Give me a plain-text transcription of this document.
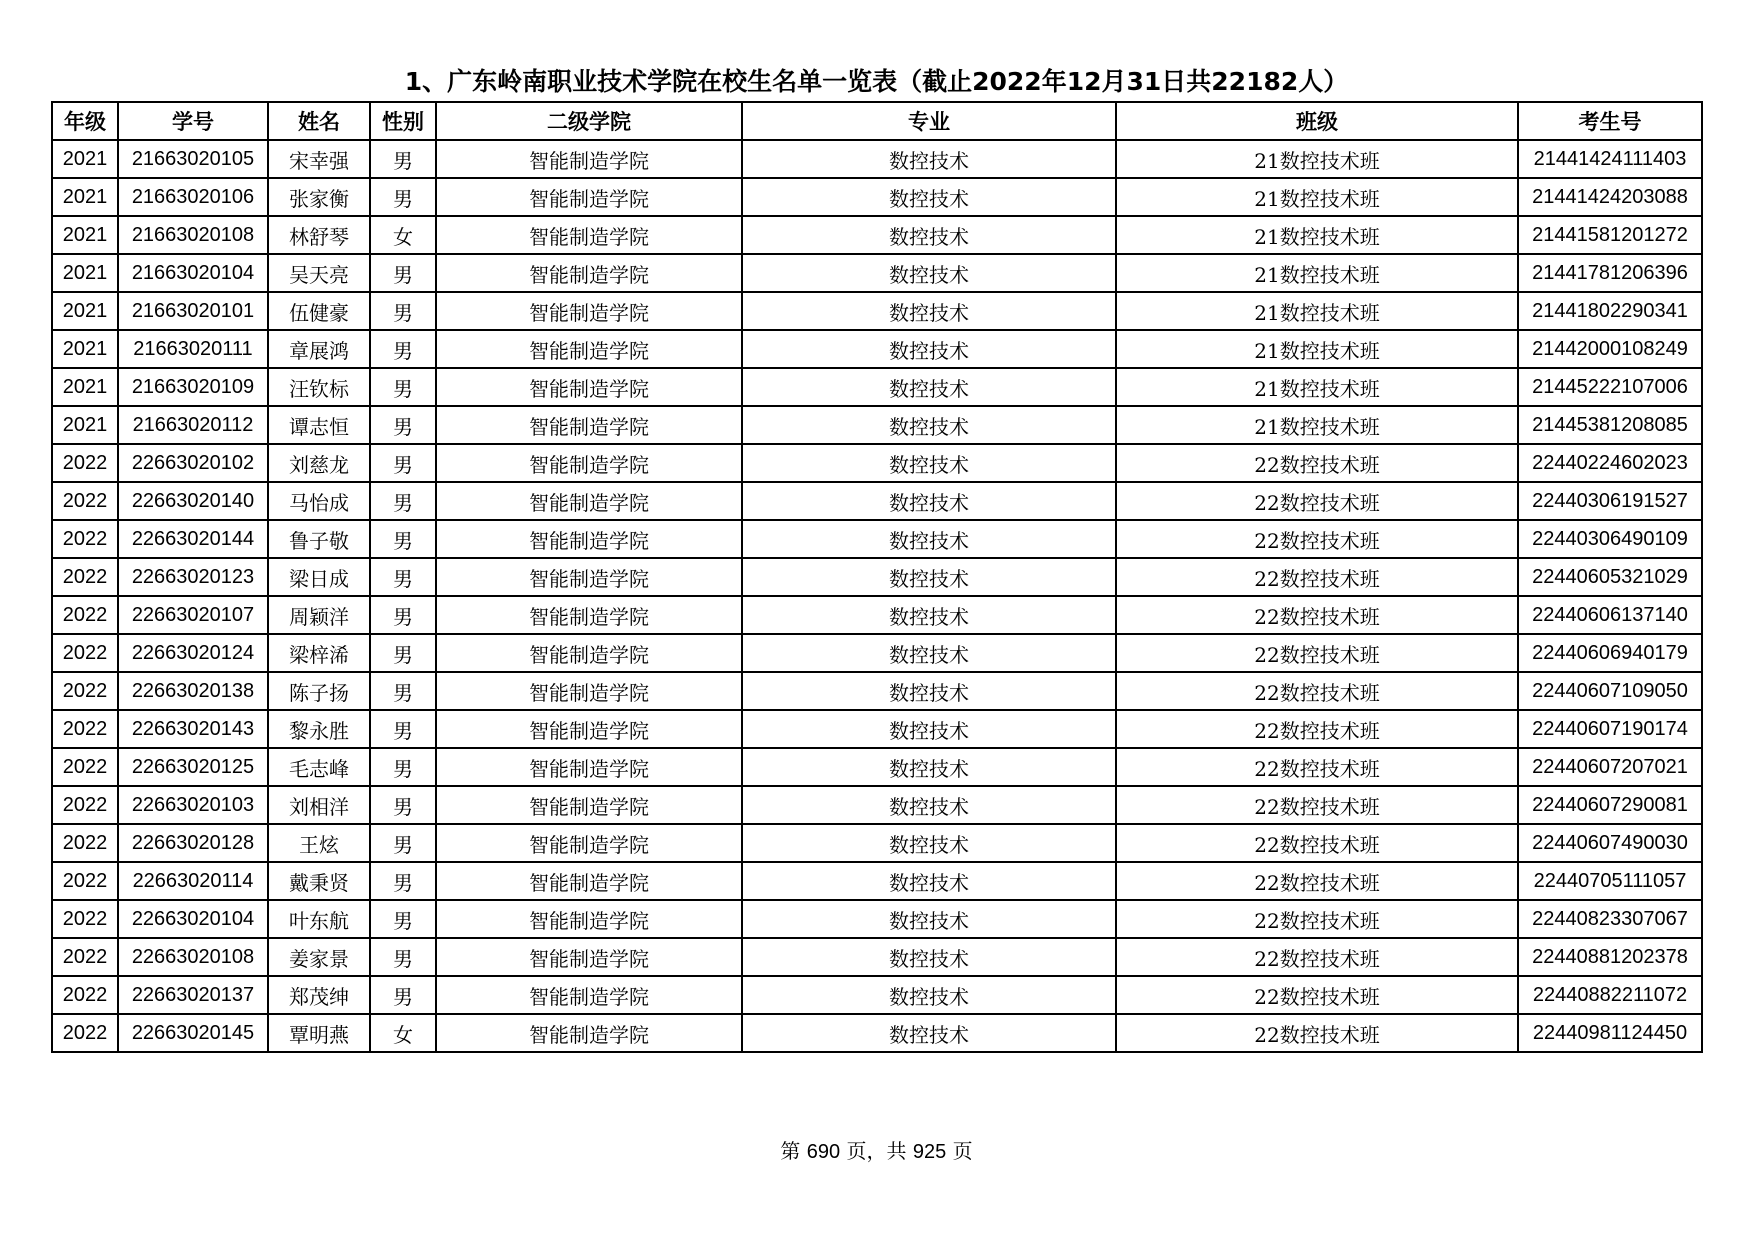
1、广东岭南职业技术学院在校生名单一览表（截止2022年12月31日共22182人）
年级	学号	姓名	性别	二级学院	专业	班级	考生号
2021	21663020105	宋幸强	男	智能制造学院	数控技术	21数控技术班	21441424111403
2021	21663020106	张家衡	男	智能制造学院	数控技术	21数控技术班	21441424203088
2021	21663020108	林舒琴	女	智能制造学院	数控技术	21数控技术班	21441581201272
2021	21663020104	吴天亮	男	智能制造学院	数控技术	21数控技术班	21441781206396
2021	21663020101	伍健豪	男	智能制造学院	数控技术	21数控技术班	21441802290341
2021	21663020111	章展鸿	男	智能制造学院	数控技术	21数控技术班	21442000108249
2021	21663020109	汪钦标	男	智能制造学院	数控技术	21数控技术班	21445222107006
2021	21663020112	谭志恒	男	智能制造学院	数控技术	21数控技术班	21445381208085
2022	22663020102	刘慈龙	男	智能制造学院	数控技术	22数控技术班	22440224602023
2022	22663020140	马怡成	男	智能制造学院	数控技术	22数控技术班	22440306191527
2022	22663020144	鲁子敬	男	智能制造学院	数控技术	22数控技术班	22440306490109
2022	22663020123	梁日成	男	智能制造学院	数控技术	22数控技术班	22440605321029
2022	22663020107	周颖洋	男	智能制造学院	数控技术	22数控技术班	22440606137140
2022	22663020124	梁梓浠	男	智能制造学院	数控技术	22数控技术班	22440606940179
2022	22663020138	陈子扬	男	智能制造学院	数控技术	22数控技术班	22440607109050
2022	22663020143	黎永胜	男	智能制造学院	数控技术	22数控技术班	22440607190174
2022	22663020125	毛志峰	男	智能制造学院	数控技术	22数控技术班	22440607207021
2022	22663020103	刘相洋	男	智能制造学院	数控技术	22数控技术班	22440607290081
2022	22663020128	王炫	男	智能制造学院	数控技术	22数控技术班	22440607490030
2022	22663020114	戴秉贤	男	智能制造学院	数控技术	22数控技术班	22440705111057
2022	22663020104	叶东航	男	智能制造学院	数控技术	22数控技术班	22440823307067
2022	22663020108	姜家景	男	智能制造学院	数控技术	22数控技术班	22440881202378
2022	22663020137	郑茂绅	男	智能制造学院	数控技术	22数控技术班	22440882211072
2022	22663020145	覃明燕	女	智能制造学院	数控技术	22数控技术班	22440981124450
第 690 页，共 925 页
